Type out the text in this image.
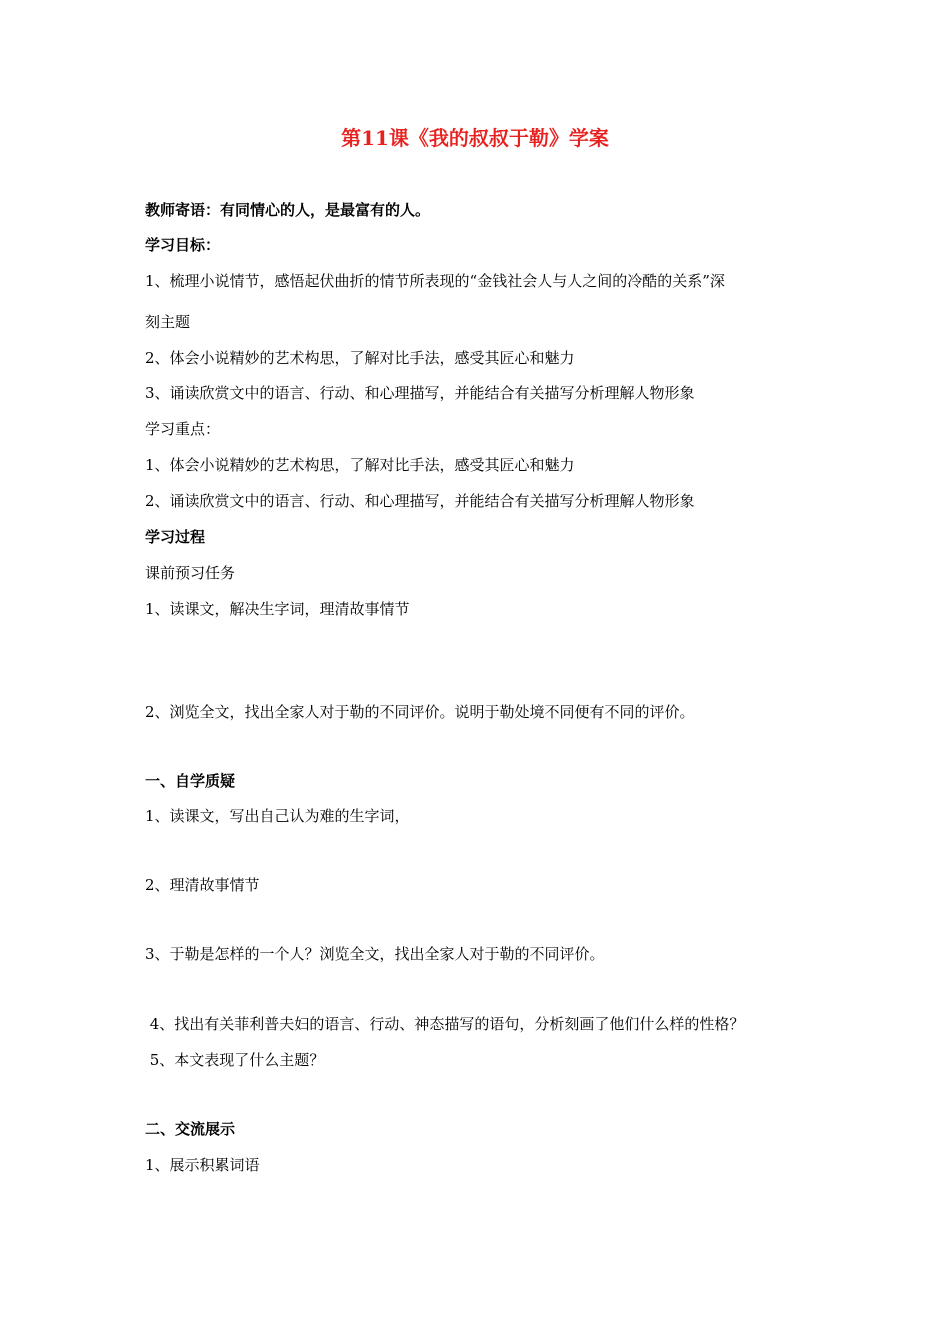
第11课《我的叔叔于勒》学案
教师寄语：有同情心的人，是最富有的人。
学习目标：
1、梳理小说情节，感悟起伏曲折的情节所表现的“金钱社会人与人之间的冷酷的关系”深
刻主题
2、体会小说精妙的艺术构思，了解对比手法，感受其匠心和魅力
3、诵读欣赏文中的语言、行动、和心理描写，并能结合有关描写分析理解人物形象
学习重点：
1、体会小说精妙的艺术构思，了解对比手法，感受其匠心和魅力
2、诵读欣赏文中的语言、行动、和心理描写，并能结合有关描写分析理解人物形象
学习过程
课前预习任务
1、读课文，解决生字词，理清故事情节
2、浏览全文，找出全家人对于勒的不同评价。说明于勒处境不同便有不同的评价。
一、自学质疑
1、读课文，写出自己认为难的生字词，
2、理清故事情节
3、于勒是怎样的一个人？浏览全文，找出全家人对于勒的不同评价。
4、找出有关菲利普夫妇的语言、行动、神态描写的语句，分析刻画了他们什么样的性格？
5、本文表现了什么主题？
二、交流展示
1、展示积累词语
